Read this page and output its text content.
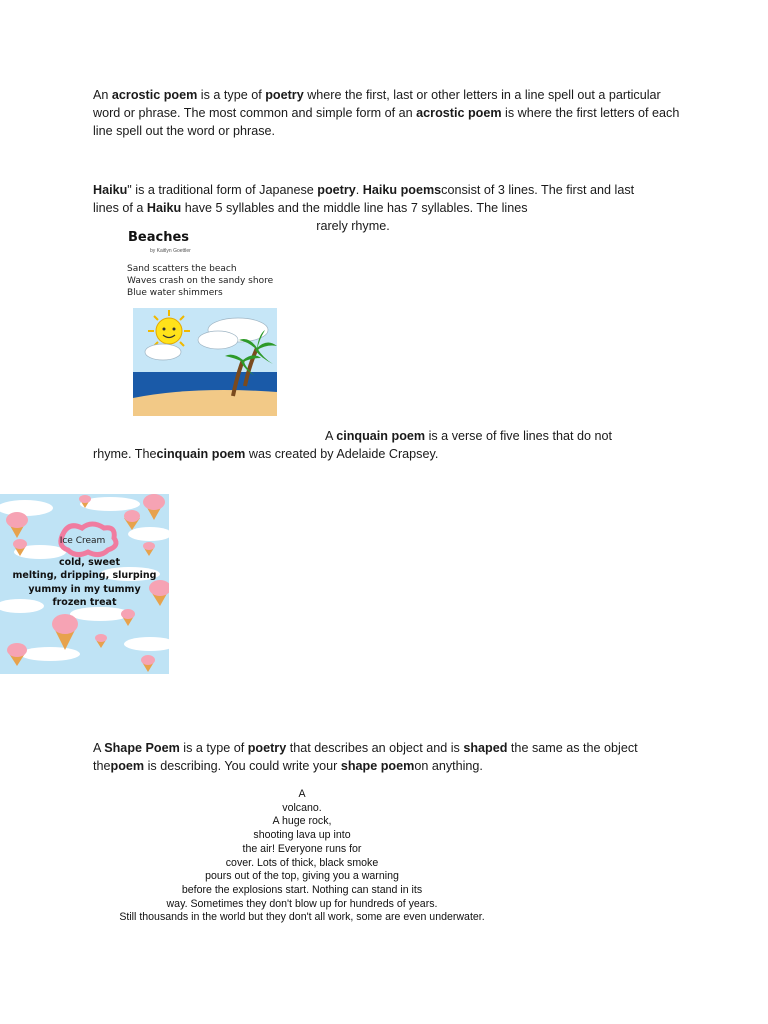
An acrostic poem is a type of poetry where the first, last or other letters in a line spell out a particular word or phrase. The most common and simple form of an acrostic poem is where the first letters of each line spell out the word or phrase.

Haiku" is a traditional form of Japanese poetry. Haiku poemsconsist of 3 lines. The first and last lines of a Haiku have 5 syllables and the middle line has 7 syllables. The lines
rarely rhyme.

Beaches
by Kaitlyn Goettler
Sand scatters the beach
Waves crash on the sandy shore
Blue water shimmers

A cinquain poem is a verse of five lines that do not
rhyme. Thecinquain poem was created by Adelaide Crapsey.

Ice Cream
cold, sweet
melting, dripping, slurping
yummy in my tummy
frozen treat

A Shape Poem is a type of poetry that describes an object and is shaped the same as the object thepoem is describing. You could write your shape poemon anything.

A
volcano.
A huge rock,
shooting lava up into
the air! Everyone runs for
cover. Lots of thick, black smoke
pours out of the top, giving you a warning
before the explosions start. Nothing can stand in its
way. Sometimes they don't blow up for hundreds of years.
Still thousands in the world but they don't all work, some are even underwater.
